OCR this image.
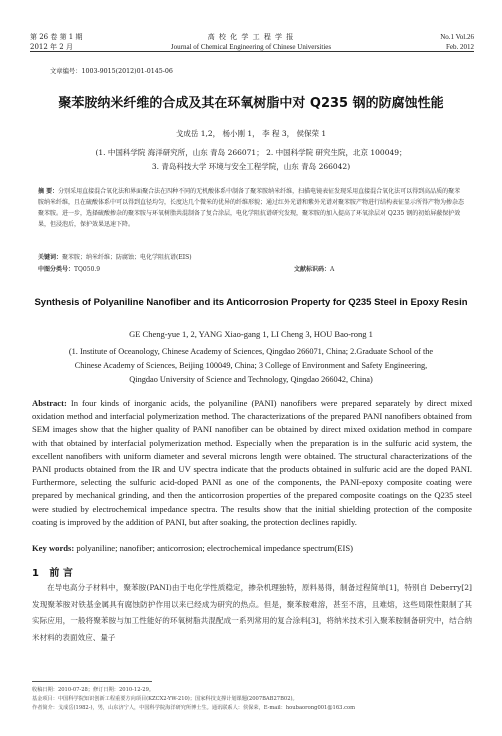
第 26 卷 第 1 期
2012 年 2 月
高 校 化 学 工 程 学 报
Journal of Chemical Engineering of Chinese Universities
No.1 Vol.26
Feb. 2012
文章编号：1003-9015(2012)01-0145-06
聚苯胺纳米纤维的合成及其在环氧树脂中对 Q235 钢的防腐蚀性能
戈成岳 1,2， 杨小刚 1， 李 程 3， 侯保荣 1
(1. 中国科学院 海洋研究所，山东 青岛 266071； 2. 中国科学院 研究生院，北京 100049；
3. 青岛科技大学 环境与安全工程学院，山东 青岛 266042)
摘 要：分别采用直接混合氧化法和界面聚合法在四种不同的无机酸体系中制备了聚苯胺纳米纤维，扫描电镜表征发现采用直接混合氧化法可以得到高品质的聚苯胺纳米纤维，且在硫酸体系中可以得到直径均匀，长度达几个微米的优异的纤维形貌；通过红外光谱和紫外光谱对聚苯胺产物进行结构表征显示所得产物为掺杂态聚苯胺。进一步，选择硫酸掺杂的聚苯胺与环氧树脂共混制备了复合涂层，电化学阻抗谱研究发现，聚苯胺的加入提高了环氧涂层对 Q235 钢的初始屏蔽保护效果，但浸泡后，保护效果迅速下降。
关键词：聚苯胺；纳米纤维；防腐蚀；电化学阻抗谱(EIS)
中图分类号：TQ050.9	文献标识码：A
Synthesis of Polyaniline Nanofiber and its Anticorrosion Property for Q235 Steel in Epoxy Resin
GE Cheng-yue 1, 2, YANG Xiao-gang 1, LI Cheng 3, HOU Bao-rong 1
(1. Institute of Oceanology, Chinese Academy of Sciences, Qingdao 266071, China; 2.Graduate School of the
Chinese Academy of Sciences, Beijing 100049, China; 3 College of Environment and Safety Engineering,
Qingdao University of Science and Technology, Qingdao 266042, China)
Abstract: In four kinds of inorganic acids, the polyaniline (PANI) nanofibers were prepared separately by direct mixed oxidation method and interfacial polymerization method. The characterizations of the prepared PANI nanofibers obtained from SEM images show that the higher quality of PANI nanofiber can be obtained by direct mixed oxidation method in compare with that obtained by interfacial polymerization method. Especially when the preparation is in the sulfuric acid system, the excellent nanofibers with uniform diameter and several microns length were obtained. The structural characterizations of the PANI products obtained from the IR and UV spectra indicate that the products obtained in sulfuric acid are the doped PANI. Furthermore, selecting the sulfuric acid-doped PANI as one of the components, the PANI-epoxy composite coating were prepared by mechanical grinding, and then the anticorrosion properties of the prepared composite coatings on the Q235 steel were studied by electrochemical impedance spectra. The results show that the initial shielding protection of the composite coating is improved by the addition of PANI, but after soaking, the protection declines rapidly.
Key words: polyaniline; nanofiber; anticorrosion; electrochemical impedance spectrum(EIS)
1 前 言
在导电高分子材料中，聚苯胺(PANI)由于电化学性质稳定，掺杂机理独特，原料易得，制备过程简单[1]，特别自 Deberry[2]发现聚苯胺对铁基金属具有腐蚀防护作用以来已经成为研究的热点。但是，聚苯胺难溶，甚至不溶，且难熔，这些局限性限制了其实际应用，一般将聚苯胺与加工性能好的环氧树脂共混配成一系列常用的复合涂料[3]，将纳米技术引入聚苯胺制备研究中，结合纳米材料的表面效应、量子
收稿日期：2010-07-28；修订日期：2010-12-29。
基金项目：中国科学院知识创新工程重要方向项目(KZCX2-YW-210)；国家科技支撑计划课题(2007BAB27B02)。
作者简介：戈成岳(1982-)，男，山东济宁人，中国科学院海洋研究所博士生。通讯联系人：侯保荣，E-mail：houbaorong001@163.com
